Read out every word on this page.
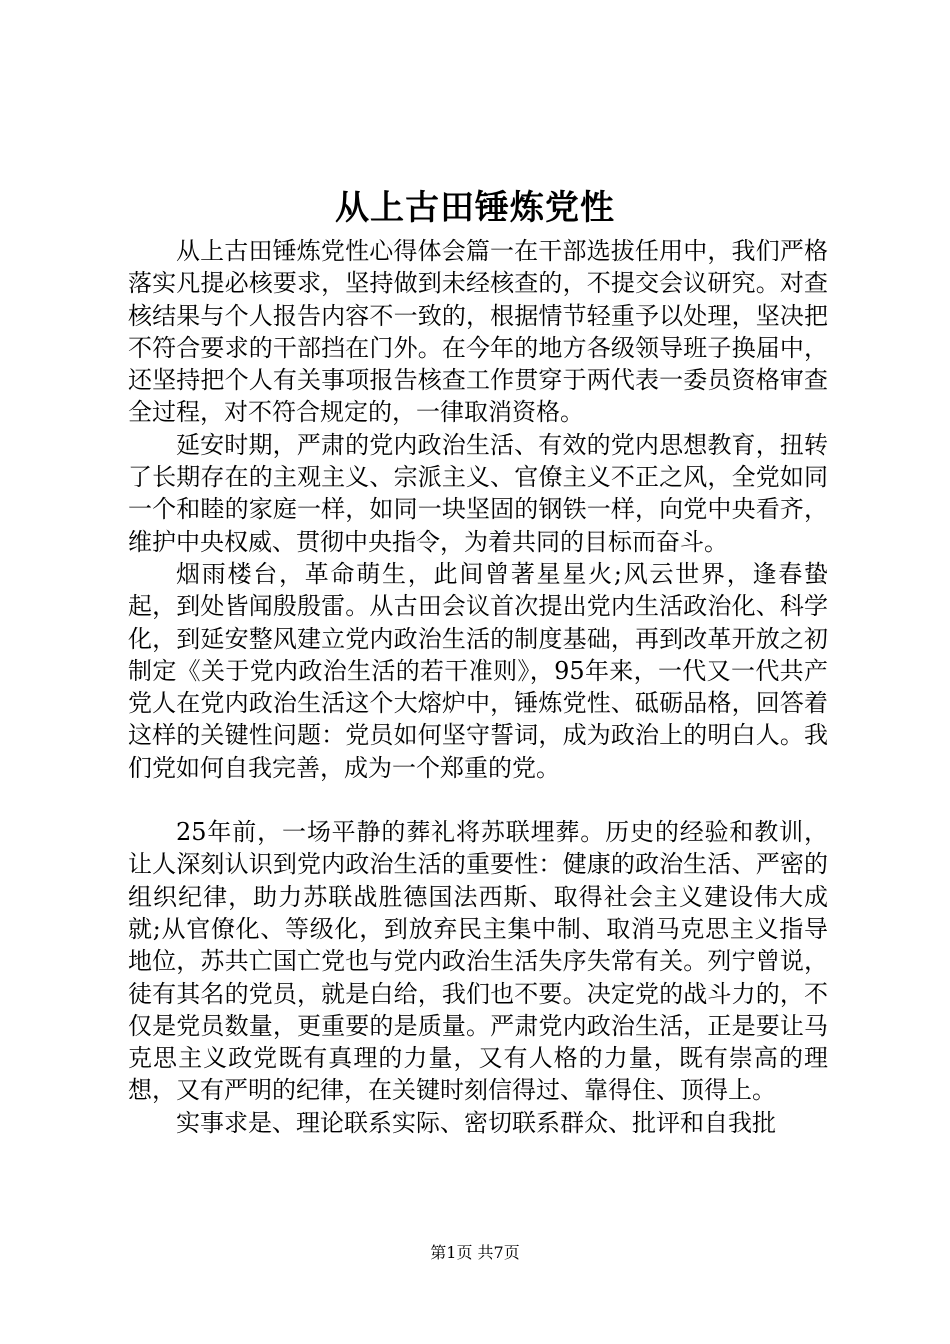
从上古田锤炼党性

从上古田锤炼党性心得体会篇一在干部选拔任用中，我们严格落实凡提必核要求，坚持做到未经核查的，不提交会议研究。对查核结果与个人报告内容不一致的，根据情节轻重予以处理，坚决把不符合要求的干部挡在门外。在今年的地方各级领导班子换届中，还坚持把个人有关事项报告核查工作贯穿于两代表一委员资格审查全过程，对不符合规定的，一律取消资格。

延安时期，严肃的党内政治生活、有效的党内思想教育，扭转了长期存在的主观主义、宗派主义、官僚主义不正之风，全党如同一个和睦的家庭一样，如同一块坚固的钢铁一样，向党中央看齐，维护中央权威、贯彻中央指令，为着共同的目标而奋斗。

烟雨楼台，革命萌生，此间曾著星星火;风云世界，逢春蛰起，到处皆闻殷殷雷。从古田会议首次提出党内生活政治化、科学化，到延安整风建立党内政治生活的制度基础，再到改革开放之初制定《关于党内政治生活的若干准则》，95年来，一代又一代共产党人在党内政治生活这个大熔炉中，锤炼党性、砥砺品格，回答着这样的关键性问题：党员如何坚守誓词，成为政治上的明白人。我们党如何自我完善，成为一个郑重的党。

25年前，一场平静的葬礼将苏联埋葬。历史的经验和教训，让人深刻认识到党内政治生活的重要性：健康的政治生活、严密的组织纪律，助力苏联战胜德国法西斯、取得社会主义建设伟大成就;从官僚化、等级化，到放弃民主集中制、取消马克思主义指导地位，苏共亡国亡党也与党内政治生活失序失常有关。列宁曾说，徒有其名的党员，就是白给，我们也不要。决定党的战斗力的，不仅是党员数量，更重要的是质量。严肃党内政治生活，正是要让马克思主义政党既有真理的力量，又有人格的力量，既有崇高的理想，又有严明的纪律，在关键时刻信得过、靠得住、顶得上。

实事求是、理论联系实际、密切联系群众、批评和自我批

第1页 共7页
